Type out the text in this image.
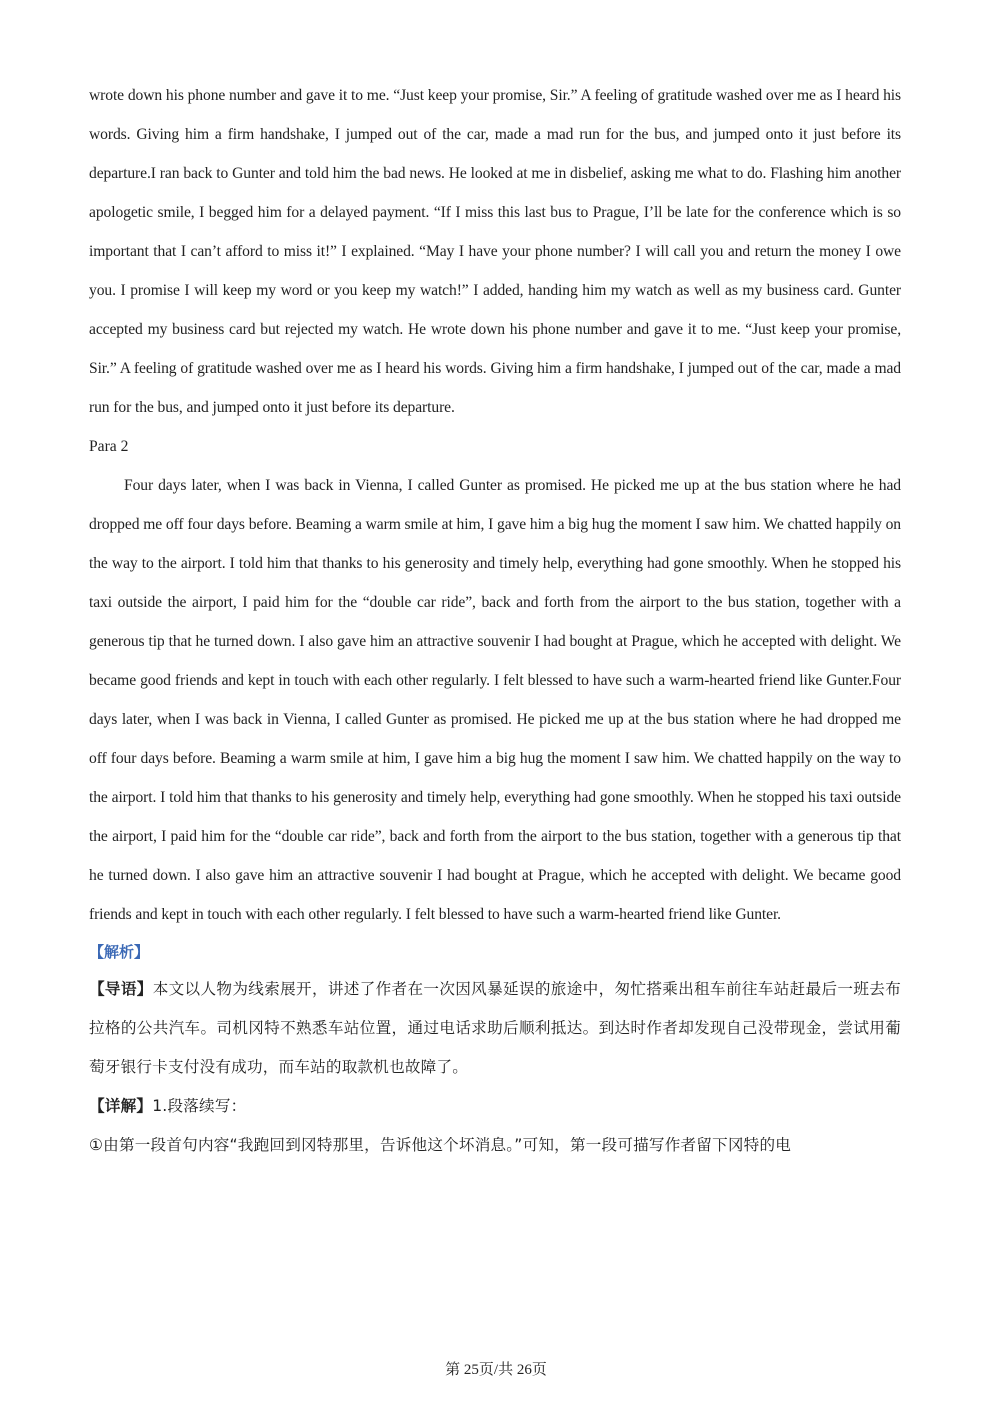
wrote down his phone number and gave it to me. “Just keep your promise, Sir.” A feeling of gratitude washed over me as I heard his words. Giving him a firm handshake, I jumped out of the car, made a mad run for the bus, and jumped onto it just before its departure.I ran back to Gunter and told him the bad news. He looked at me in disbelief, asking me what to do. Flashing him another apologetic smile, I begged him for a delayed payment. “If I miss this last bus to Prague, I’ll be late for the conference which is so important that I can’t afford to miss it!” I explained. “May I have your phone number? I will call you and return the money I owe you. I promise I will keep my word or you keep my watch!” I added, handing him my watch as well as my business card. Gunter accepted my business card but rejected my watch. He wrote down his phone number and gave it to me. “Just keep your promise, Sir.” A feeling of gratitude washed over me as I heard his words. Giving him a firm handshake, I jumped out of the car, made a mad run for the bus, and jumped onto it just before its departure.

Para 2

Four days later, when I was back in Vienna, I called Gunter as promised. He picked me up at the bus station where he had dropped me off four days before. Beaming a warm smile at him, I gave him a big hug the moment I saw him. We chatted happily on the way to the airport. I told him that thanks to his generosity and timely help, everything had gone smoothly. When he stopped his taxi outside the airport, I paid him for the “double car ride”, back and forth from the airport to the bus station, together with a generous tip that he turned down. I also gave him an attractive souvenir I had bought at Prague, which he accepted with delight. We became good friends and kept in touch with each other regularly. I felt blessed to have such a warm-hearted friend like Gunter.Four days later, when I was back in Vienna, I called Gunter as promised. He picked me up at the bus station where he had dropped me off four days before. Beaming a warm smile at him, I gave him a big hug the moment I saw him. We chatted happily on the way to the airport. I told him that thanks to his generosity and timely help, everything had gone smoothly. When he stopped his taxi outside the airport, I paid him for the “double car ride”, back and forth from the airport to the bus station, together with a generous tip that he turned down. I also gave him an attractive souvenir I had bought at Prague, which he accepted with delight. We became good friends and kept in touch with each other regularly. I felt blessed to have such a warm-hearted friend like Gunter.

【解析】

【导语】本文以人物为线索展开，讲述了作者在一次因风暴延误的旅途中，匆忙搭乘出租车前往车站赶最后一班去布拉格的公共汽车。司机冈特不熟悉车站位置，通过电话求助后顺利抵达。到达时作者却发现自己没带现金，尝试用葡萄牙银行卡支付没有成功，而车站的取款机也故障了。

【详解】1.段落续写：

①由第一段首句内容“我跑回到冈特那里，告诉他这个坏消息。”可知，第一段可描写作者留下冈特的电

第 25页/共 26页
